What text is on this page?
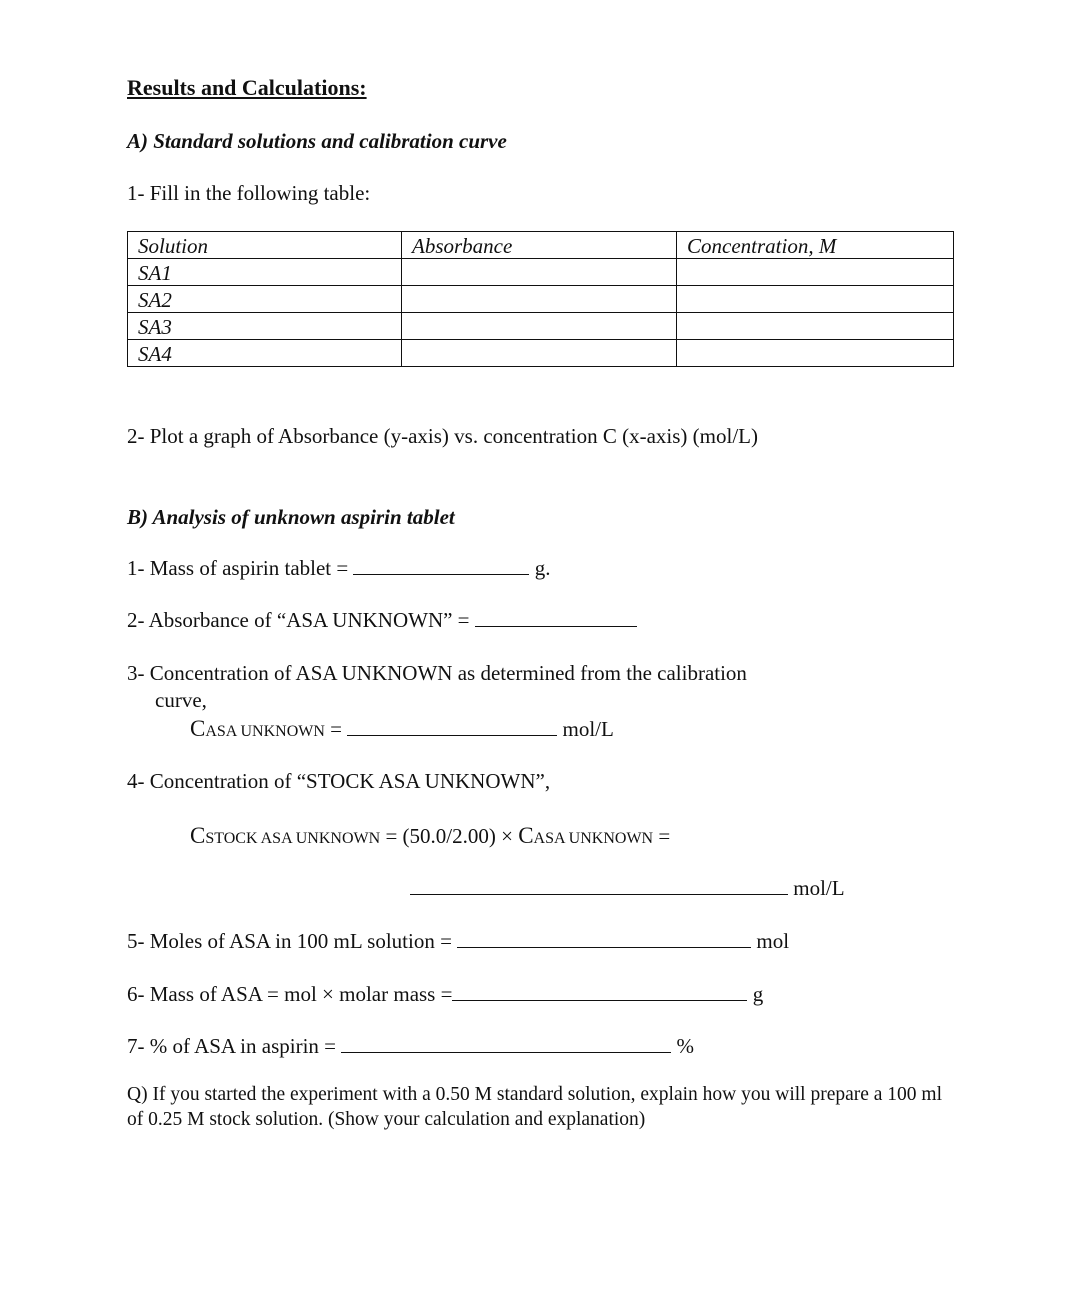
Results and Calculations:
A) Standard solutions and calibration curve
1- Fill in the following table:
Solution	Absorbance	Concentration, M
SA1		
SA2		
SA3		
SA4		
2- Plot a graph of Absorbance (y-axis) vs. concentration C (x-axis) (mol/L)
B) Analysis of unknown aspirin tablet
1- Mass of aspirin tablet =	g.
2- Absorbance of “ASA UNKNOWN” =
3- Concentration of ASA UNKNOWN as determined from the calibration
curve,
CASA UNKNOWN =	mol/L
4- Concentration of “STOCK ASA UNKNOWN”,
CSTOCK ASA UNKNOWN = (50.0/2.00) × CASA UNKNOWN =
mol/L
5- Moles of ASA in 100 mL solution =	mol
6- Mass of ASA = mol × molar mass =	g
7- % of ASA in aspirin =	%
Q) If you started the experiment with a 0.50 M standard solution, explain how you will prepare a 100 ml of 0.25 M stock solution. (Show your calculation and explanation)
